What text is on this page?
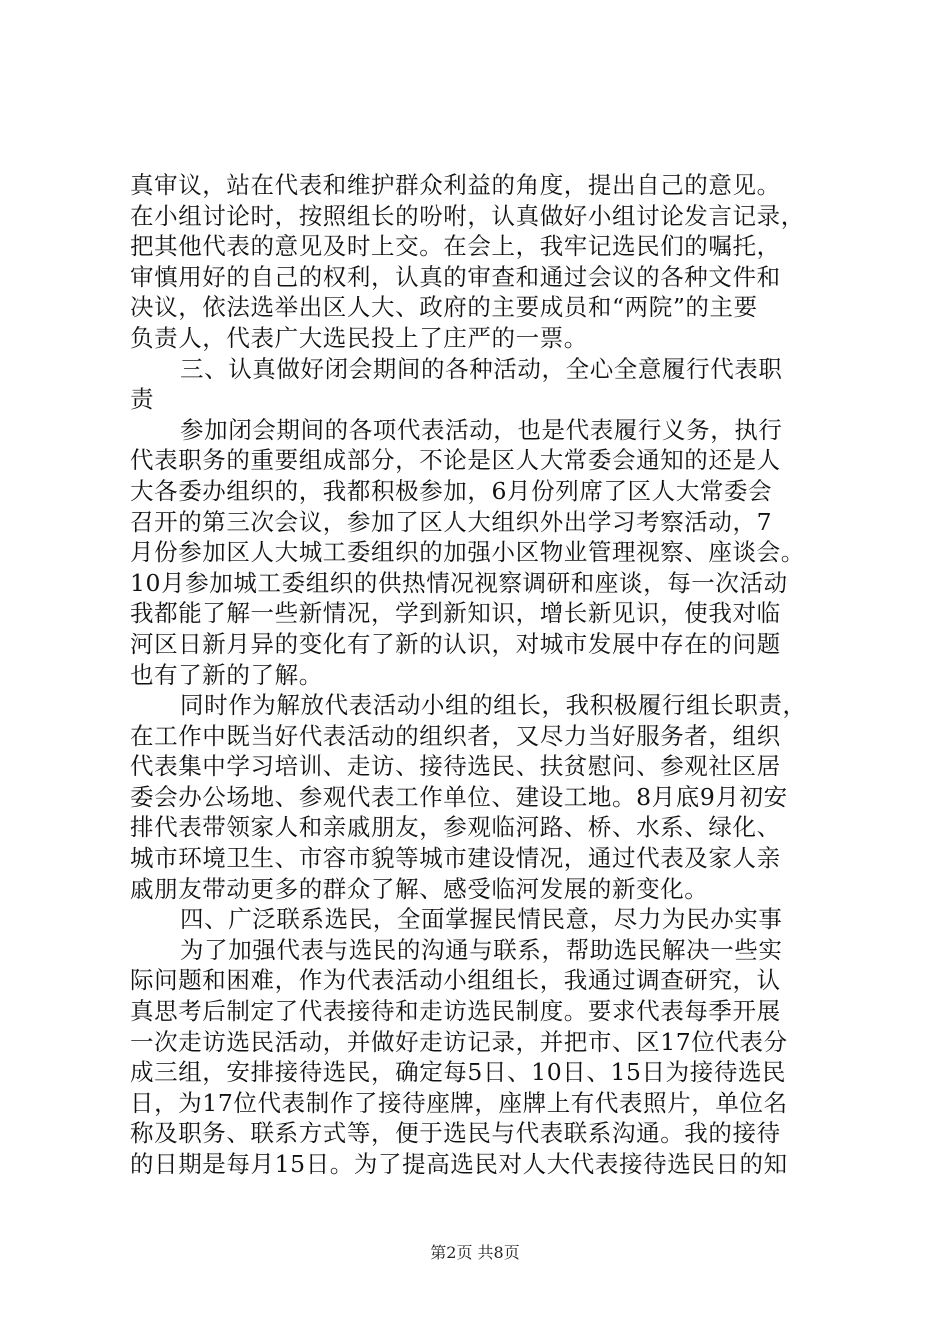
真审议，站在代表和维护群众利益的角度，提出自己的意见。
在小组讨论时，按照组长的吩咐，认真做好小组讨论发言记录，
把其他代表的意见及时上交。在会上，我牢记选民们的嘱托，
审慎用好的自己的权利，认真的审查和通过会议的各种文件和
决议，依法选举出区人大、政府的主要成员和“两院”的主要
负责人，代表广大选民投上了庄严的一票。
三、认真做好闭会期间的各种活动，全心全意履行代表职
责
参加闭会期间的各项代表活动，也是代表履行义务，执行
代表职务的重要组成部分，不论是区人大常委会通知的还是人
大各委办组织的，我都积极参加，6月份列席了区人大常委会
召开的第三次会议，参加了区人大组织外出学习考察活动，7
月份参加区人大城工委组织的加强小区物业管理视察、座谈会。
10月参加城工委组织的供热情况视察调研和座谈，每一次活动
我都能了解一些新情况，学到新知识，增长新见识，使我对临
河区日新月异的变化有了新的认识，对城市发展中存在的问题
也有了新的了解。
同时作为解放代表活动小组的组长，我积极履行组长职责，
在工作中既当好代表活动的组织者，又尽力当好服务者，组织
代表集中学习培训、走访、接待选民、扶贫慰问、参观社区居
委会办公场地、参观代表工作单位、建设工地。8月底9月初安
排代表带领家人和亲戚朋友，参观临河路、桥、水系、绿化、
城市环境卫生、市容市貌等城市建设情况，通过代表及家人亲
戚朋友带动更多的群众了解、感受临河发展的新变化。
四、广泛联系选民，全面掌握民情民意，尽力为民办实事
为了加强代表与选民的沟通与联系，帮助选民解决一些实
际问题和困难，作为代表活动小组组长，我通过调查研究，认
真思考后制定了代表接待和走访选民制度。要求代表每季开展
一次走访选民活动，并做好走访记录，并把市、区17位代表分
成三组，安排接待选民，确定每5日、10日、15日为接待选民
日，为17位代表制作了接待座牌，座牌上有代表照片，单位名
称及职务、联系方式等，便于选民与代表联系沟通。我的接待
的日期是每月15日。为了提高选民对人大代表接待选民日的知
第2页 共8页
